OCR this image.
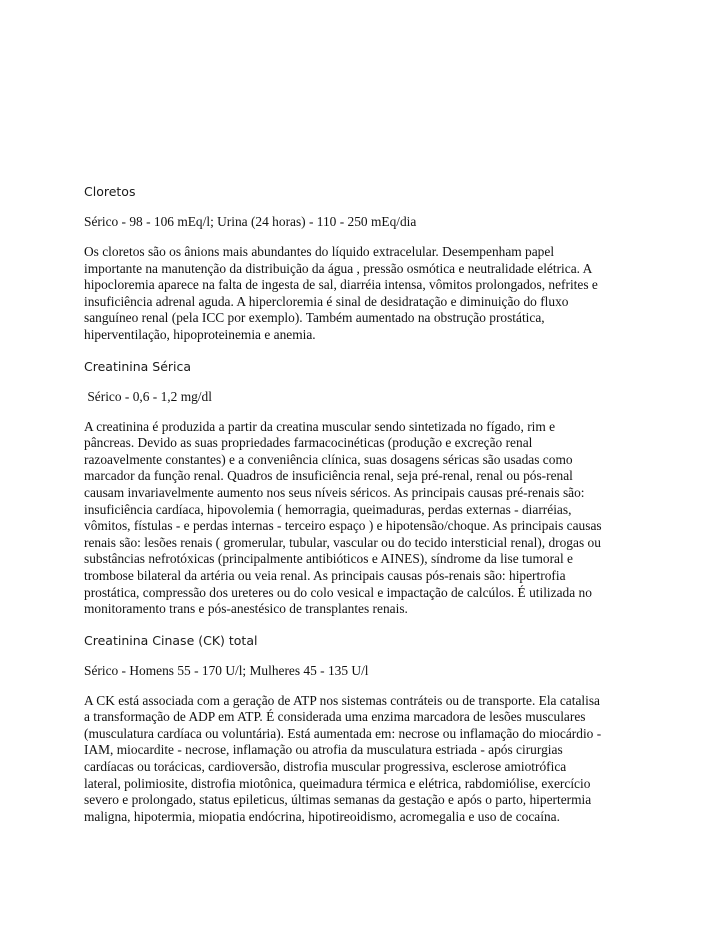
Cloretos
Sérico - 98 - 106 mEq/l; Urina (24 horas) - 110 - 250 mEq/dia
Os cloretos são os ânions mais abundantes do líquido extracelular. Desempenham papel
importante na manutenção da distribuição da água , pressão osmótica e neutralidade elétrica. A
hipocloremia aparece na falta de ingesta de sal, diarréia intensa, vômitos prolongados, nefrites e
insuficiência adrenal aguda. A hipercloremia é sinal de desidratação e diminuição do fluxo
sanguíneo renal (pela ICC por exemplo). Também aumentado na obstrução prostática,
hiperventilação, hipoproteinemia e anemia.
Creatinina Sérica
Sérico - 0,6 - 1,2 mg/dl
A creatinina é produzida a partir da creatina muscular sendo sintetizada no fígado, rim e
pâncreas. Devido as suas propriedades farmacocinéticas (produção e excreção renal
razoavelmente constantes) e a conveniência clínica, suas dosagens séricas são usadas como
marcador da função renal. Quadros de insuficiência renal, seja pré-renal, renal ou pós-renal
causam invariavelmente aumento nos seus níveis séricos. As principais causas pré-renais são:
insuficiência cardíaca, hipovolemia ( hemorragia, queimaduras, perdas externas - diarréias,
vômitos, fístulas - e perdas internas - terceiro espaço ) e hipotensão/choque. As principais causas
renais são: lesões renais ( gromerular, tubular, vascular ou do tecido intersticial renal), drogas ou
substâncias nefrotóxicas (principalmente antibióticos e AINES), síndrome da lise tumoral e
trombose bilateral da artéria ou veia renal. As principais causas pós-renais são: hipertrofia
prostática, compressão dos ureteres ou do colo vesical e impactação de calcúlos. É utilizada no
monitoramento trans e pós-anestésico de transplantes renais.
Creatinina Cinase (CK) total
Sérico - Homens 55 - 170 U/l; Mulheres 45 - 135 U/l
A CK está associada com a geração de ATP nos sistemas contráteis ou de transporte. Ela catalisa
a transformação de ADP em ATP. É considerada uma enzima marcadora de lesões musculares
(musculatura cardíaca ou voluntária). Está aumentada em: necrose ou inflamação do miocárdio -
IAM, miocardite - necrose, inflamação ou atrofia da musculatura estriada - após cirurgias
cardíacas ou torácicas, cardioversão, distrofia muscular progressiva, esclerose amiotrófica
lateral, polimiosite, distrofia miotônica, queimadura térmica e elétrica, rabdomiólise, exercício
severo e prolongado, status epileticus, últimas semanas da gestação e após o parto, hipertermia
maligna, hipotermia, miopatia endócrina, hipotireoidismo, acromegalia e uso de cocaína.
